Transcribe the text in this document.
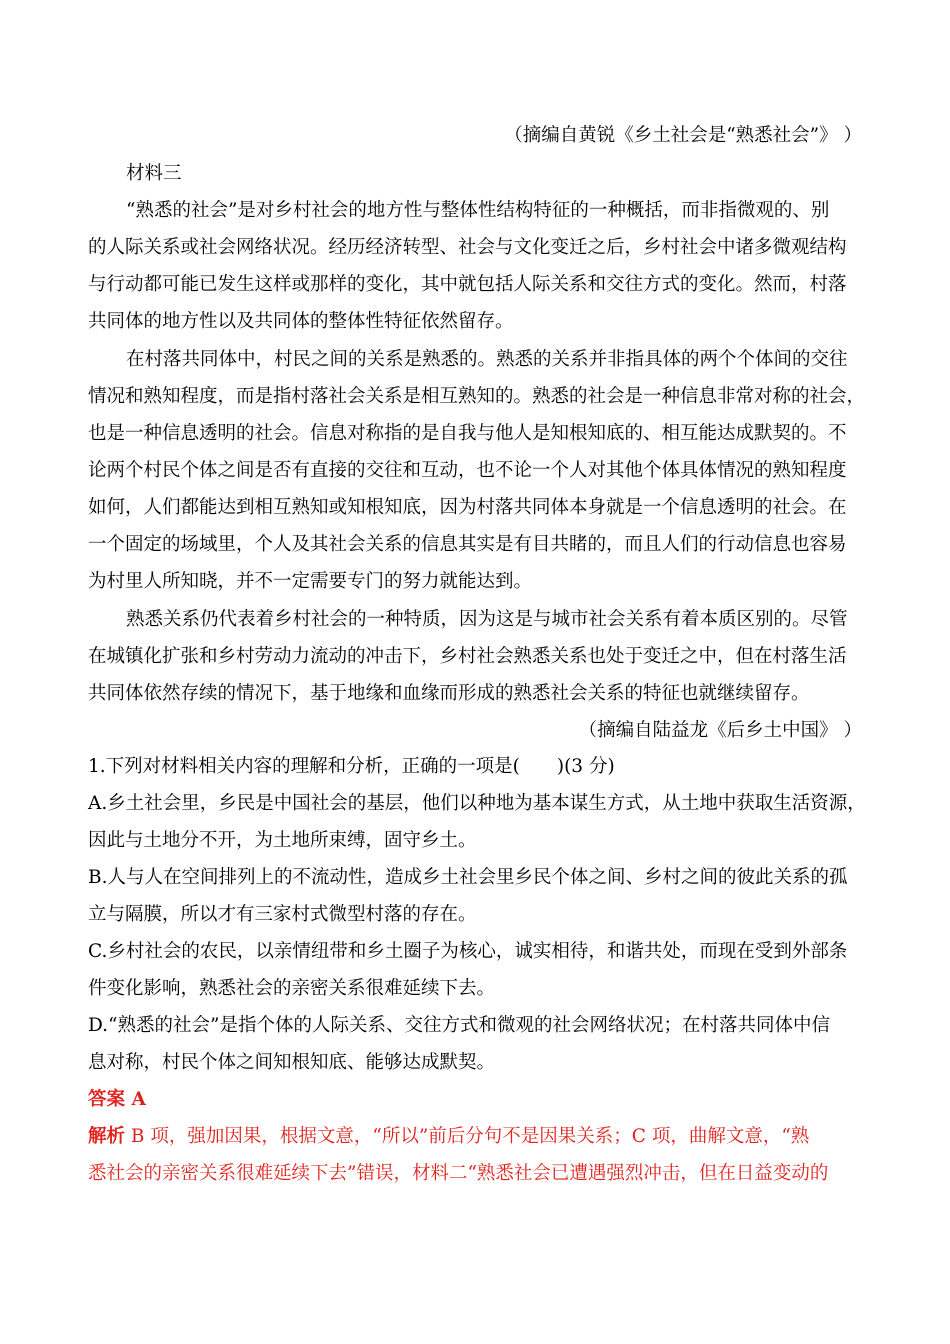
（摘编自黄锐《乡土社会是“熟悉社会”》 ）
材料三
“熟悉的社会”是对乡村社会的地方性与整体性结构特征的一种概括，而非指微观的、别
的人际关系或社会网络状况。经历经济转型、社会与文化变迁之后，乡村社会中诸多微观结构
与行动都可能已发生这样或那样的变化，其中就包括人际关系和交往方式的变化。然而，村落
共同体的地方性以及共同体的整体性特征依然留存。
在村落共同体中，村民之间的关系是熟悉的。熟悉的关系并非指具体的两个个体间的交往
情况和熟知程度，而是指村落社会关系是相互熟知的。熟悉的社会是一种信息非常对称的社会，
也是一种信息透明的社会。信息对称指的是自我与他人是知根知底的、相互能达成默契的。不
论两个村民个体之间是否有直接的交往和互动，也不论一个人对其他个体具体情况的熟知程度
如何，人们都能达到相互熟知或知根知底，因为村落共同体本身就是一个信息透明的社会。在
一个固定的场域里，个人及其社会关系的信息其实是有目共睹的，而且人们的行动信息也容易
为村里人所知晓，并不一定需要专门的努力就能达到。
熟悉关系仍代表着乡村社会的一种特质，因为这是与城市社会关系有着本质区别的。尽管
在城镇化扩张和乡村劳动力流动的冲击下，乡村社会熟悉关系也处于变迁之中，但在村落生活
共同体依然存续的情况下，基于地缘和血缘而形成的熟悉社会关系的特征也就继续留存。
（摘编自陆益龙《后乡土中国》 ）
1.下列对材料相关内容的理解和分析，正确的一项是(　　)(3 分)
A.乡土社会里，乡民是中国社会的基层，他们以种地为基本谋生方式，从土地中获取生活资源，
因此与土地分不开，为土地所束缚，固守乡土。
B.人与人在空间排列上的不流动性，造成乡土社会里乡民个体之间、乡村之间的彼此关系的孤
立与隔膜，所以才有三家村式微型村落的存在。
C.乡村社会的农民，以亲情纽带和乡土圈子为核心，诚实相待，和谐共处，而现在受到外部条
件变化影响，熟悉社会的亲密关系很难延续下去。
D.“熟悉的社会”是指个体的人际关系、交往方式和微观的社会网络状况；在村落共同体中信
息对称，村民个体之间知根知底、能够达成默契。
答案 A
解析 B 项，强加因果，根据文意，“所以”前后分句不是因果关系；C 项，曲解文意，“熟
悉社会的亲密关系很难延续下去”错误，材料二“熟悉社会已遭遇强烈冲击，但在日益变动的
